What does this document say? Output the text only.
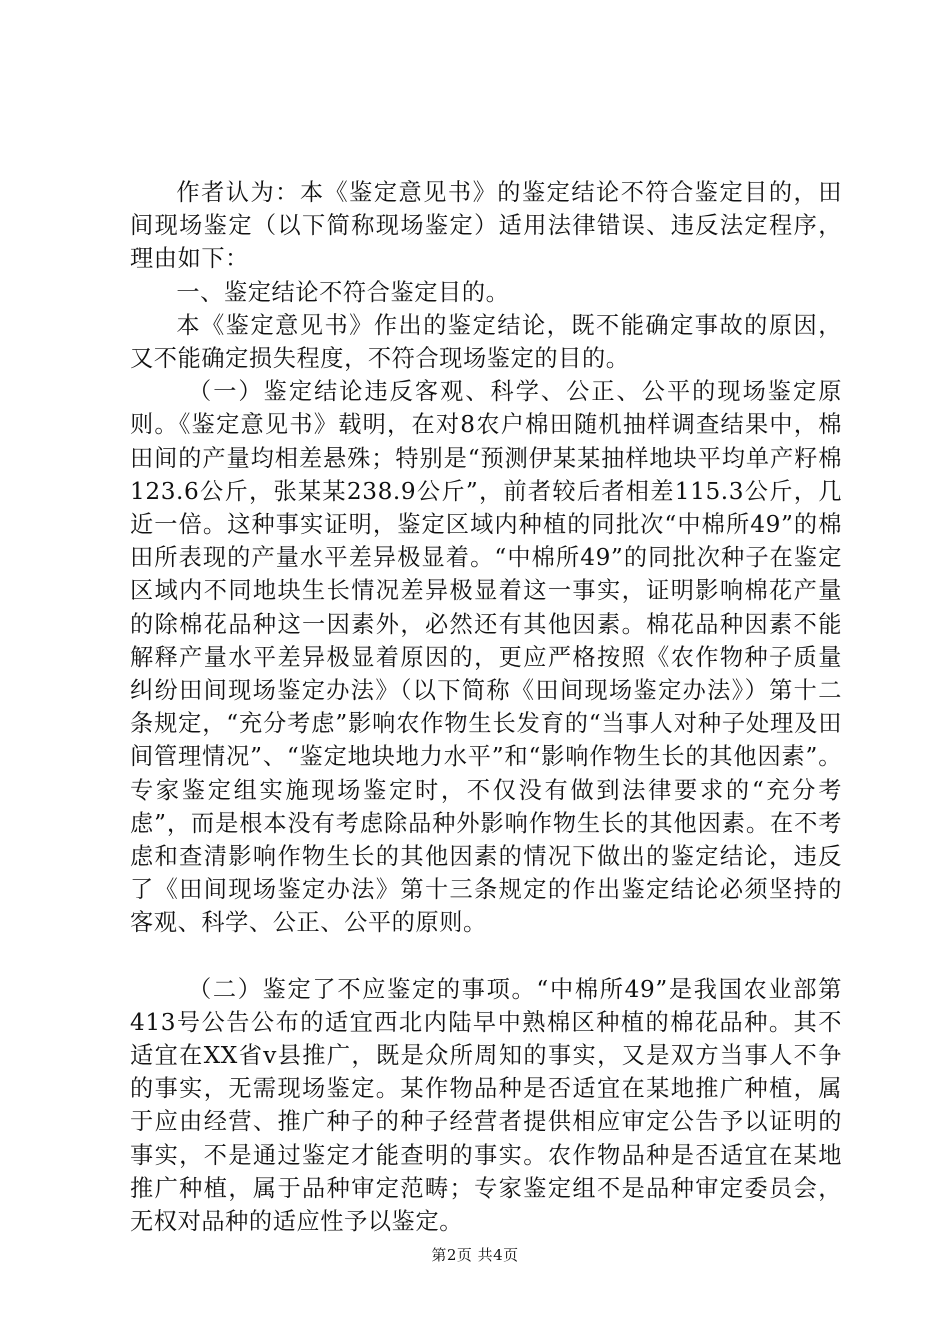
作者认为：本《鉴定意见书》的鉴定结论不符合鉴定目的，田间现场鉴定（以下简称现场鉴定）适用法律错误、违反法定程序，理由如下：

一、鉴定结论不符合鉴定目的。

本《鉴定意见书》作出的鉴定结论，既不能确定事故的原因，又不能确定损失程度，不符合现场鉴定的目的。

（一）鉴定结论违反客观、科学、公正、公平的现场鉴定原则。《鉴定意见书》载明，在对8农户棉田随机抽样调查结果中，棉田间的产量均相差悬殊；特别是“预测伊某某抽样地块平均单产籽棉123.6公斤，张某某238.9公斤”，前者较后者相差115.3公斤，几近一倍。这种事实证明，鉴定区域内种植的同批次“中棉所49”的棉田所表现的产量水平差异极显着。“中棉所49”的同批次种子在鉴定区域内不同地块生长情况差异极显着这一事实，证明影响棉花产量的除棉花品种这一因素外，必然还有其他因素。棉花品种因素不能解释产量水平差异极显着原因的，更应严格按照《农作物种子质量纠纷田间现场鉴定办法》（以下简称《田间现场鉴定办法》）第十二条规定，“充分考虑”影响农作物生长发育的“当事人对种子处理及田间管理情况”、“鉴定地块地力水平”和“影响作物生长的其他因素”。专家鉴定组实施现场鉴定时，不仅没有做到法律要求的“充分考虑”，而是根本没有考虑除品种外影响作物生长的其他因素。在不考虑和查清影响作物生长的其他因素的情况下做出的鉴定结论，违反了《田间现场鉴定办法》第十三条规定的作出鉴定结论必须坚持的客观、科学、公正、公平的原则。

（二）鉴定了不应鉴定的事项。“中棉所49”是我国农业部第413号公告公布的适宜西北内陆早中熟棉区种植的棉花品种。其不适宜在XX省v县推广，既是众所周知的事实，又是双方当事人不争的事实，无需现场鉴定。某作物品种是否适宜在某地推广种植，属于应由经营、推广种子的种子经营者提供相应审定公告予以证明的事实，不是通过鉴定才能查明的事实。农作物品种是否适宜在某地推广种植，属于品种审定范畴；专家鉴定组不是品种审定委员会，无权对品种的适应性予以鉴定。

第2页 共4页
